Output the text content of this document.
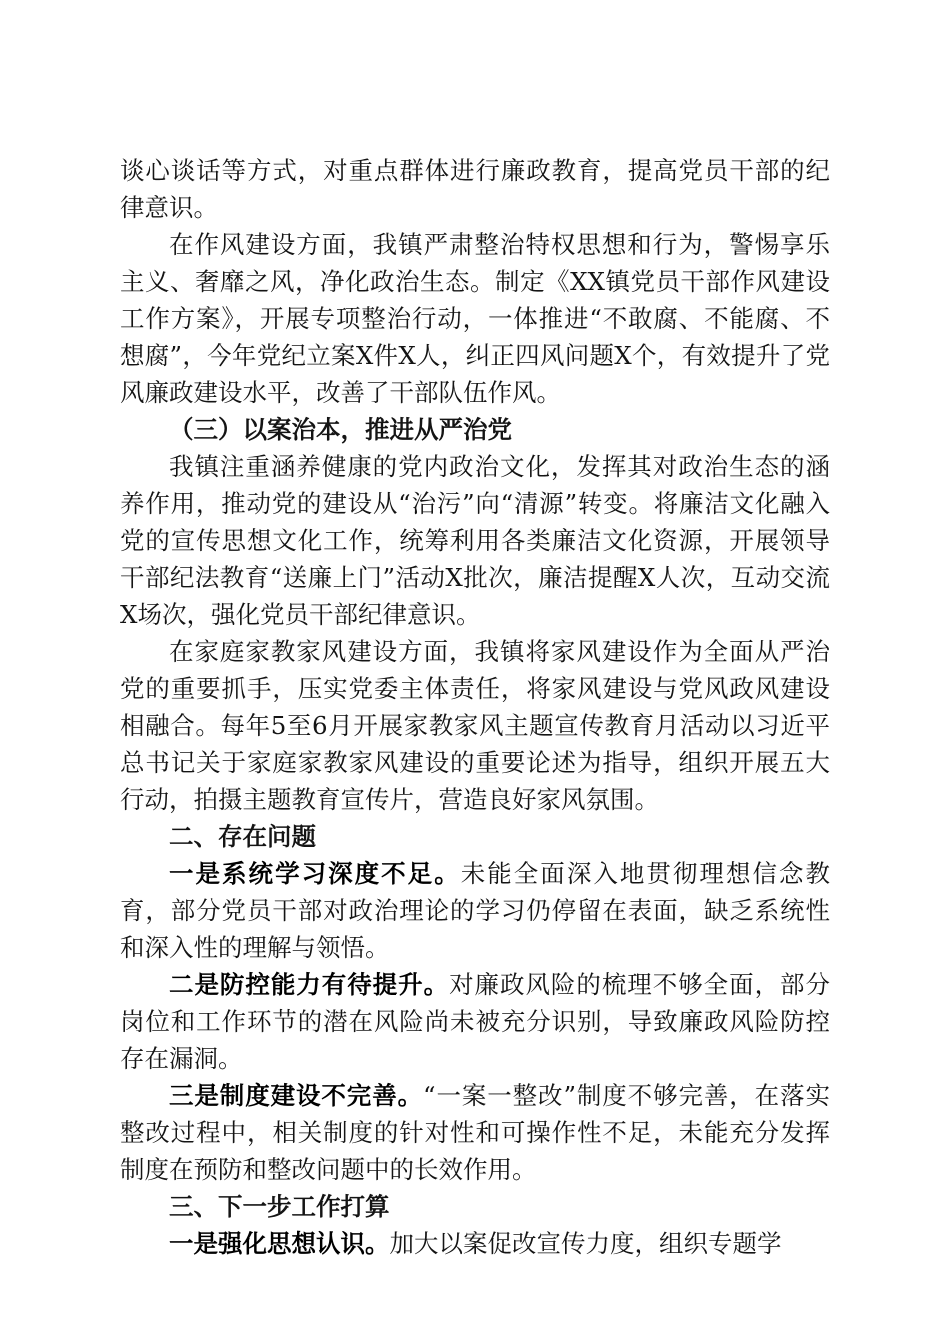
谈心谈话等方式，对重点群体进行廉政教育，提高党员干部的纪律意识。

在作风建设方面，我镇严肃整治特权思想和行为，警惕享乐主义、奢靡之风，净化政治生态。制定《XX镇党员干部作风建设工作方案》，开展专项整治行动，一体推进“不敢腐、不能腐、不想腐”，今年党纪立案X件X人，纠正四风问题X个，有效提升了党风廉政建设水平，改善了干部队伍作风。

（三）以案治本，推进从严治党

我镇注重涵养健康的党内政治文化，发挥其对政治生态的涵养作用，推动党的建设从“治污”向“清源”转变。将廉洁文化融入党的宣传思想文化工作，统筹利用各类廉洁文化资源，开展领导干部纪法教育“送廉上门”活动X批次，廉洁提醒X人次，互动交流X场次，强化党员干部纪律意识。

在家庭家教家风建设方面，我镇将家风建设作为全面从严治党的重要抓手，压实党委主体责任，将家风建设与党风政风建设相融合。每年5至6月开展家教家风主题宣传教育月活动以习近平总书记关于家庭家教家风建设的重要论述为指导，组织开展五大行动，拍摄主题教育宣传片，营造良好家风氛围。

二、存在问题

一是系统学习深度不足。未能全面深入地贯彻理想信念教育，部分党员干部对政治理论的学习仍停留在表面，缺乏系统性和深入性的理解与领悟。

二是防控能力有待提升。对廉政风险的梳理不够全面，部分岗位和工作环节的潜在风险尚未被充分识别，导致廉政风险防控存在漏洞。

三是制度建设不完善。“一案一整改”制度不够完善，在落实整改过程中，相关制度的针对性和可操作性不足，未能充分发挥制度在预防和整改问题中的长效作用。

三、下一步工作打算

一是强化思想认识。加大以案促改宣传力度，组织专题学
